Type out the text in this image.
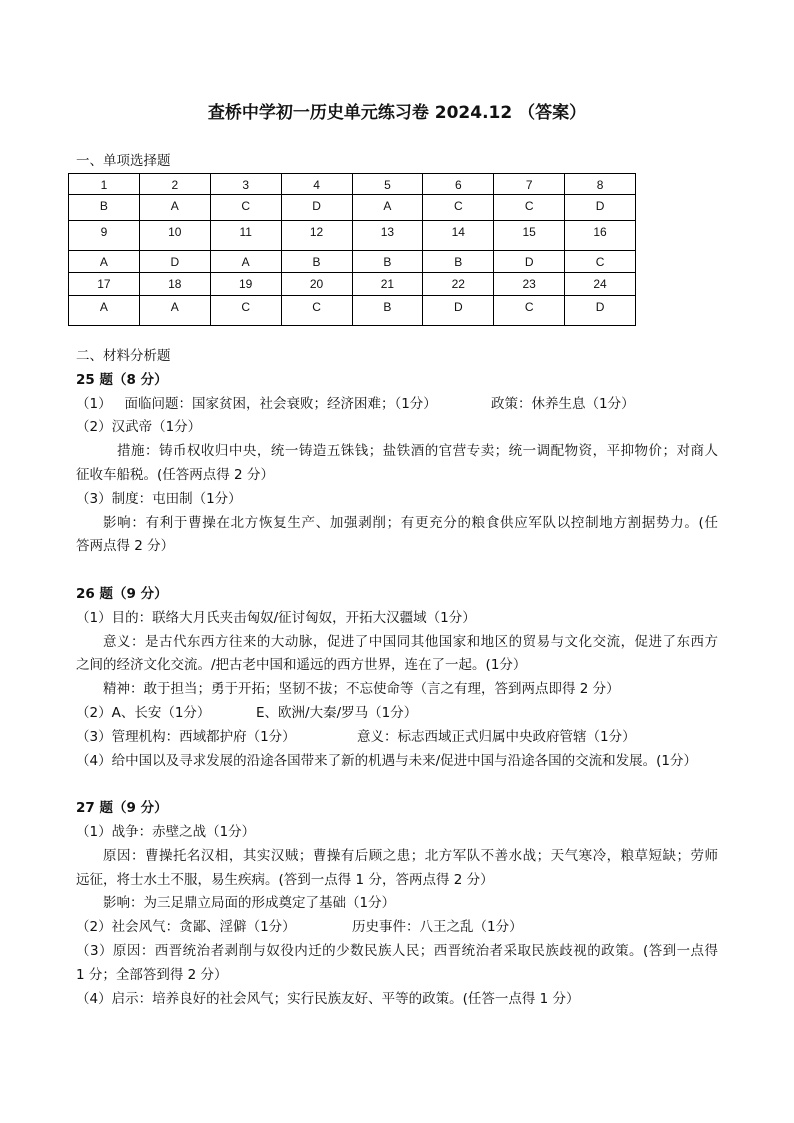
查桥中学初一历史单元练习卷 2024.12 （答案）
一、单项选择题
1	2	3	4	5	6	7	8
B	A	C	D	A	C	C	D
9	10	11	12	13	14	15	16
A	D	A	B	B	B	D	C
17	18	19	20	21	22	23	24
A	A	C	C	B	D	C	D
二、材料分析题
25 题（8 分）
（1）   面临问题：国家贫困，社会衰败；经济困难；（1分）	政策：休养生息（1分）
（2）汉武帝（1分）
措施：铸币权收归中央，统一铸造五铢钱；盐铁酒的官营专卖；统一调配物资，平抑物价；对商人
征收车船税。(任答两点得 2 分）
（3）制度：屯田制（1分）
影响：有利于曹操在北方恢复生产、加强剥削；有更充分的粮食供应军队以控制地方割据势力。(任
答两点得 2 分）
26 题（9 分）
（1）目的：联络大月氏夹击匈奴/征讨匈奴，开拓大汉疆域（1分）
意义：是古代东西方往来的大动脉，促进了中国同其他国家和地区的贸易与文化交流，促进了东西方
之间的经济文化交流。/把古老中国和遥远的西方世界，连在了一起。(1分）
精神：敢于担当；勇于开拓；坚韧不拔；不忘使命等（言之有理，答到两点即得 2 分）
（2）A、长安（1分）	E、欧洲/大秦/罗马（1分）
（3）管理机构：西域都护府（1分）	意义：标志西域正式归属中央政府管辖（1分）
（4）给中国以及寻求发展的沿途各国带来了新的机遇与未来/促进中国与沿途各国的交流和发展。(1分）
27 题（9 分）
（1）战争：赤壁之战（1分）
原因：曹操托名汉相，其实汉贼；曹操有后顾之患；北方军队不善水战；天气寒冷，粮草短缺；劳师
远征，将士水土不服，易生疾病。(答到一点得 1 分，答两点得 2 分）
影响：为三足鼎立局面的形成奠定了基础（1分）
（2）社会风气：贪鄙、淫僻（1分）	历史事件：八王之乱（1分）
（3）原因：西晋统治者剥削与奴役内迁的少数民族人民；西晋统治者采取民族歧视的政策。(答到一点得
1 分；全部答到得 2 分）
（4）启示：培养良好的社会风气；实行民族友好、平等的政策。(任答一点得 1 分）
